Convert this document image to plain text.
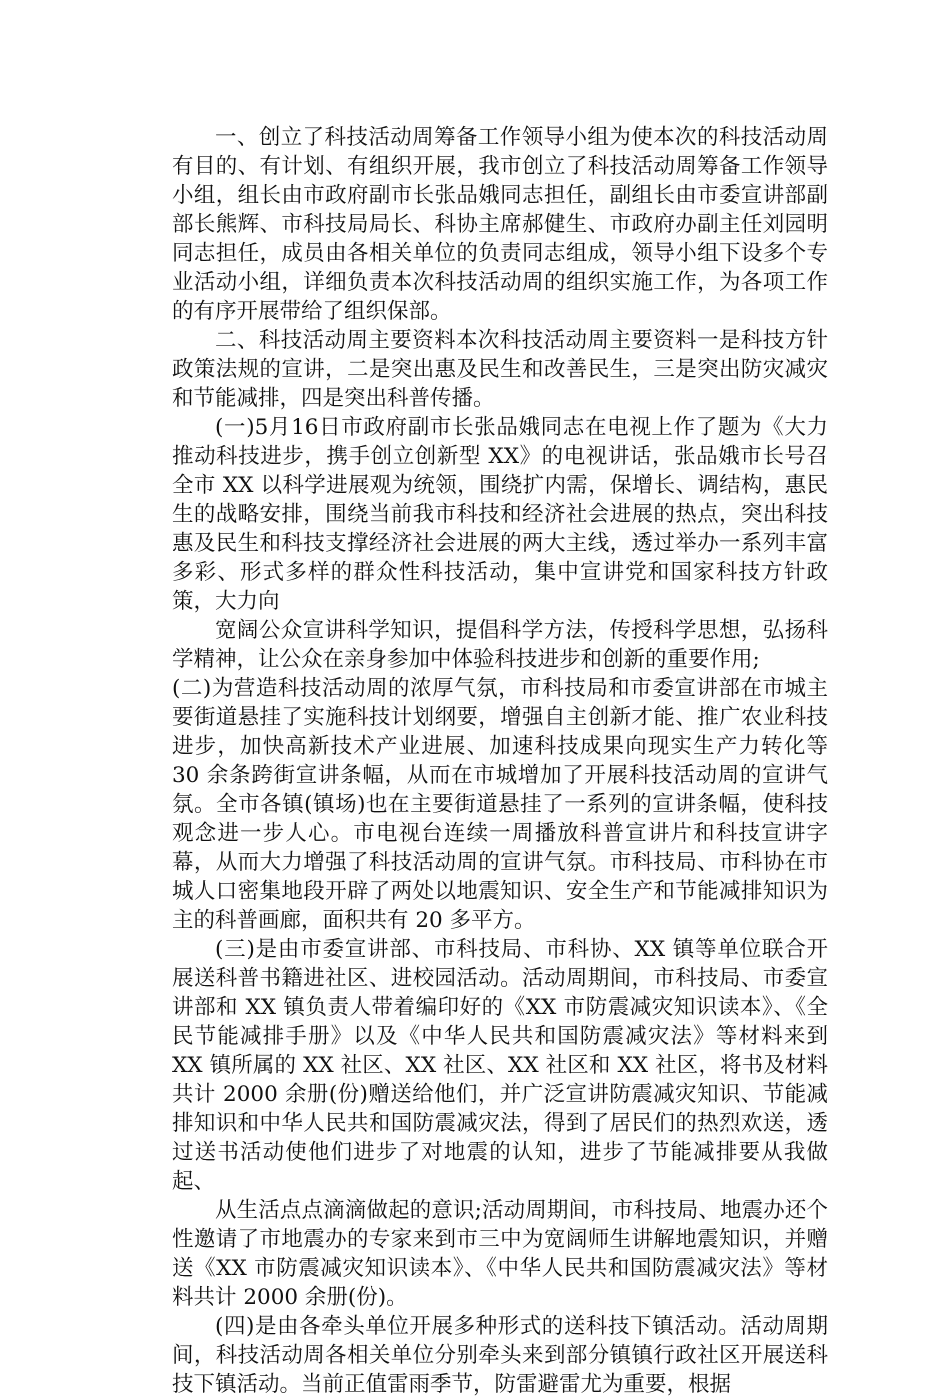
一、创立了科技活动周筹备工作领导小组为使本次的科技活动周有目的、有计划、有组织开展，我市创立了科技活动周筹备工作领导小组，组长由市政府副市长张品娥同志担任，副组长由市委宣讲部副部长熊辉、市科技局局长、科协主席郝健生、市政府办副主任刘园明同志担任，成员由各相关单位的负责同志组成，领导小组下设多个专业活动小组，详细负责本次科技活动周的组织实施工作，为各项工作的有序开展带给了组织保部。

二、科技活动周主要资料本次科技活动周主要资料一是科技方针政策法规的宣讲，二是突出惠及民生和改善民生，三是突出防灾减灾和节能减排，四是突出科普传播。

(一)5月16日市政府副市长张品娥同志在电视上作了题为《大力推动科技进步，携手创立创新型 XX》的电视讲话，张品娥市长号召全市 XX 以科学进展观为统领，围绕扩内需，保增长、调结构，惠民生的战略安排，围绕当前我市科技和经济社会进展的热点，突出科技惠及民生和科技支撑经济社会进展的两大主线，透过举办一系列丰富多彩、形式多样的群众性科技活动，集中宣讲党和国家科技方针政策，大力向

宽阔公众宣讲科学知识，提倡科学方法，传授科学思想，弘扬科学精神，让公众在亲身参加中体验科技进步和创新的重要作用;

(二)为营造科技活动周的浓厚气氛，市科技局和市委宣讲部在市城主要街道悬挂了实施科技计划纲要，增强自主创新才能、推广农业科技进步，加快高新技术产业进展、加速科技成果向现实生产力转化等 30 余条跨街宣讲条幅，从而在市城增加了开展科技活动周的宣讲气氛。全市各镇(镇场)也在主要街道悬挂了一系列的宣讲条幅，使科技观念进一步人心。市电视台连续一周播放科普宣讲片和科技宣讲字幕，从而大力增强了科技活动周的宣讲气氛。市科技局、市科协在市城人口密集地段开辟了两处以地震知识、安全生产和节能减排知识为主的科普画廊，面积共有 20 多平方。

(三)是由市委宣讲部、市科技局、市科协、XX 镇等单位联合开展送科普书籍进社区、进校园活动。活动周期间，市科技局、市委宣讲部和 XX 镇负责人带着编印好的《XX 市防震减灾知识读本》、《全民节能减排手册》以及《中华人民共和国防震减灾法》等材料来到 XX 镇所属的 XX 社区、XX 社区、XX 社区和 XX 社区，将书及材料共计 2000 余册(份)赠送给他们，并广泛宣讲防震减灾知识、节能减排知识和中华人民共和国防震减灾法，得到了居民们的热烈欢送，透过送书活动使他们进步了对地震的认知，进步了节能减排要从我做起、

从生活点点滴滴做起的意识;活动周期间，市科技局、地震办还个性邀请了市地震办的专家来到市三中为宽阔师生讲解地震知识，并赠送《XX 市防震减灾知识读本》、《中华人民共和国防震减灾法》等材料共计 2000 余册(份)。

(四)是由各牵头单位开展多种形式的送科技下镇活动。活动周期间，科技活动周各相关单位分别牵头来到部分镇镇行政社区开展送科技下镇活动。当前正值雷雨季节，防雷避雷尤为重要，根据
